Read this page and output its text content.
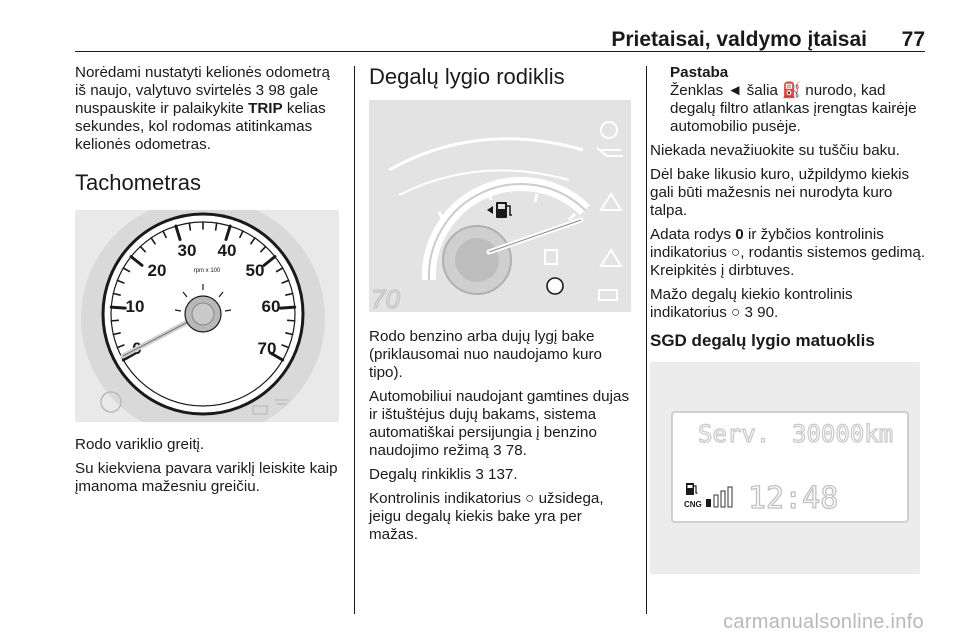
Prietaisai, valdymo įtaisai 77

Norėdami nustatyti kelionės odometrą iš naujo, valytuvo svirtelės 3 98 gale nuspauskite ir palaikykite TRIP kelias sekundes, kol rodomas atitinkamas kelionės odometras.

Tachometras
10
20
30 40
50
60
70
rpm x 100

Rodo variklio greitį.

Su kiekviena pavara variklį leiskite kaip įmanoma mažesniu greičiu.

Degalų lygio rodiklis
70

Rodo benzino arba dujų lygį bake (priklausomai nuo naudojamo kuro tipo).

Automobiliui naudojant gamtines dujas ir ištuštėjus dujų bakams, sistema automatiškai persijungia į benzino naudojimo režimą 3 78.

Degalų rinkiklis 3 137.

Kontrolinis indikatorius ○ užsidega, jeigu degalų kiekis bake yra per mažas.

Pastaba
Ženklas ◄ šalia ⛽ nurodo, kad degalų filtro atlankas įrengtas kairėje automobilio pusėje.

Niekada nevažiuokite su tuščiu baku.

Dėl bake likusio kuro, užpildymo kiekis gali būti mažesnis nei nurodyta kuro talpa.

Adata rodys 0 ir žybčios kontrolinis indikatorius ○, rodantis sistemos gedimą. Kreipkitės į dirbtuves.

Mažo degalų kiekio kontrolinis indikatorius ○ 3 90.

SGD degalų lygio matuoklis
Serv. 30000km
CNG 12:48
carmanualsonline.info
